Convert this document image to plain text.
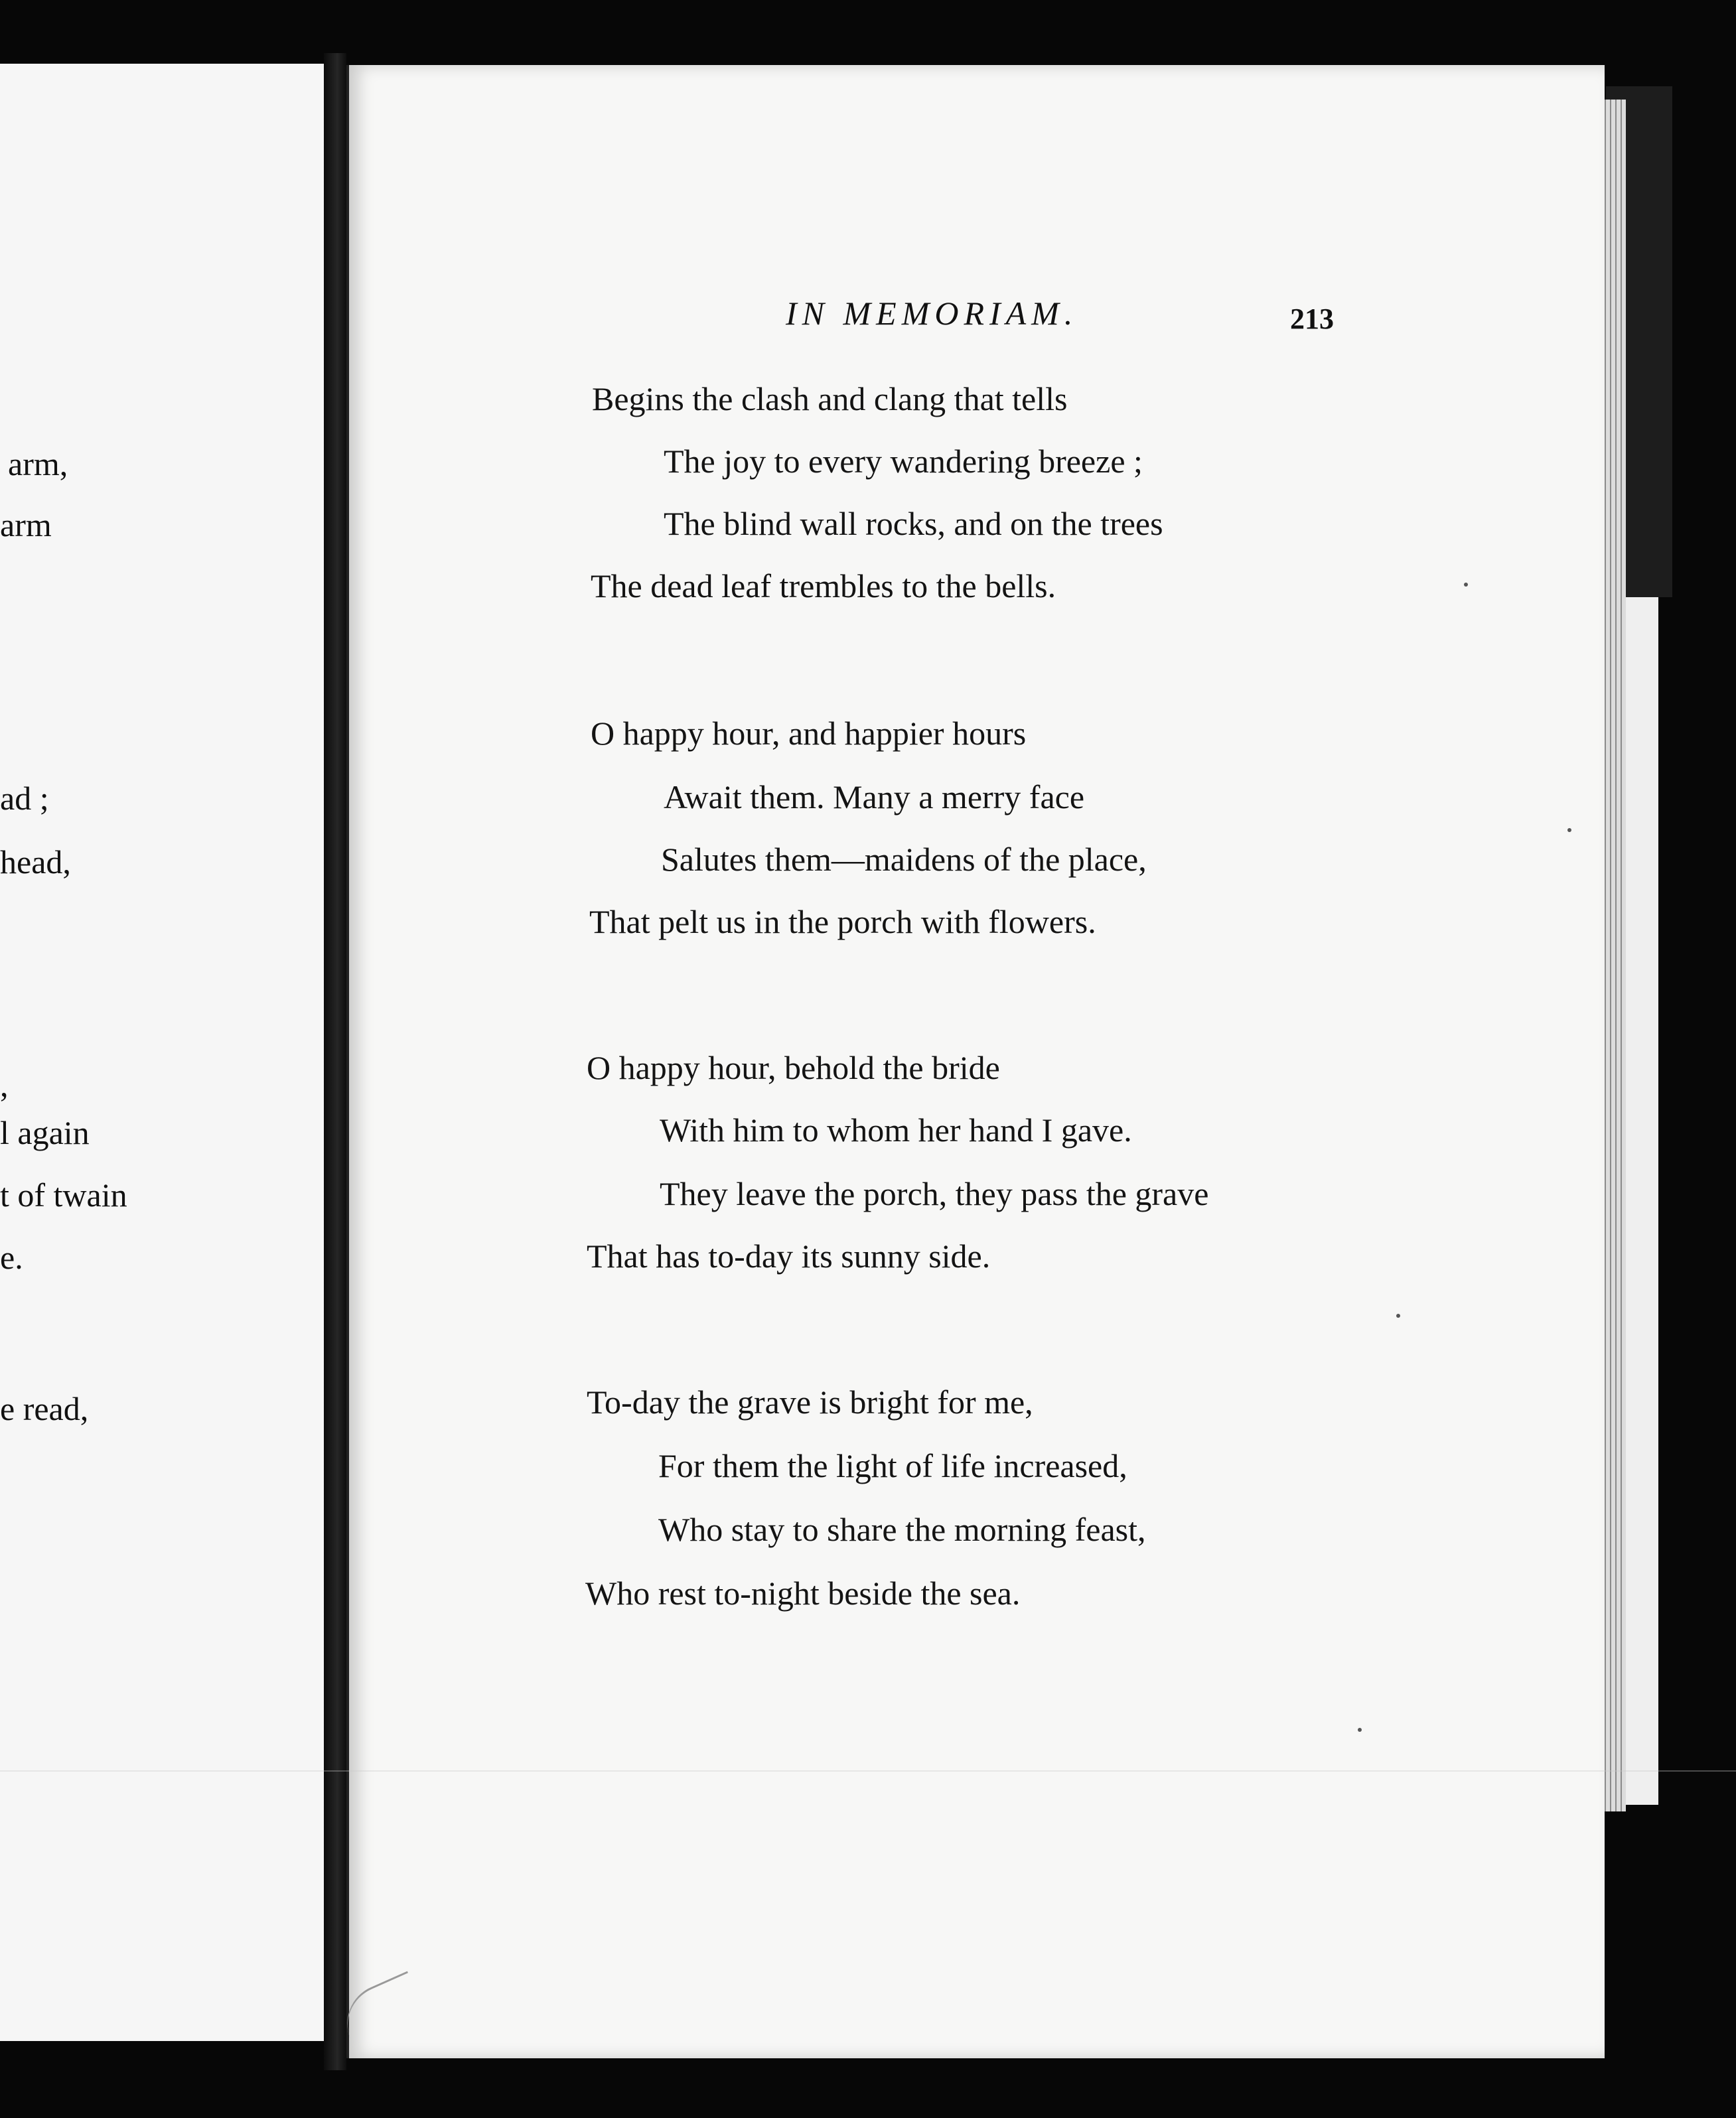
arm,
arm
ad ;
head,
,
l again
t of twain
e.
e read,
IN MEMORIAM.	213
Begins the clash and clang that tells
The joy to every wandering breeze ;
The blind wall rocks, and on the trees
The dead leaf trembles to the bells.
O happy hour, and happier hours
Await them. Many a merry face
Salutes them—maidens of the place,
That pelt us in the porch with flowers.
O happy hour, behold the bride
With him to whom her hand I gave.
They leave the porch, they pass the grave
That has to-day its sunny side.
To-day the grave is bright for me,
For them the light of life increased,
Who stay to share the morning feast,
Who rest to-night beside the sea.
